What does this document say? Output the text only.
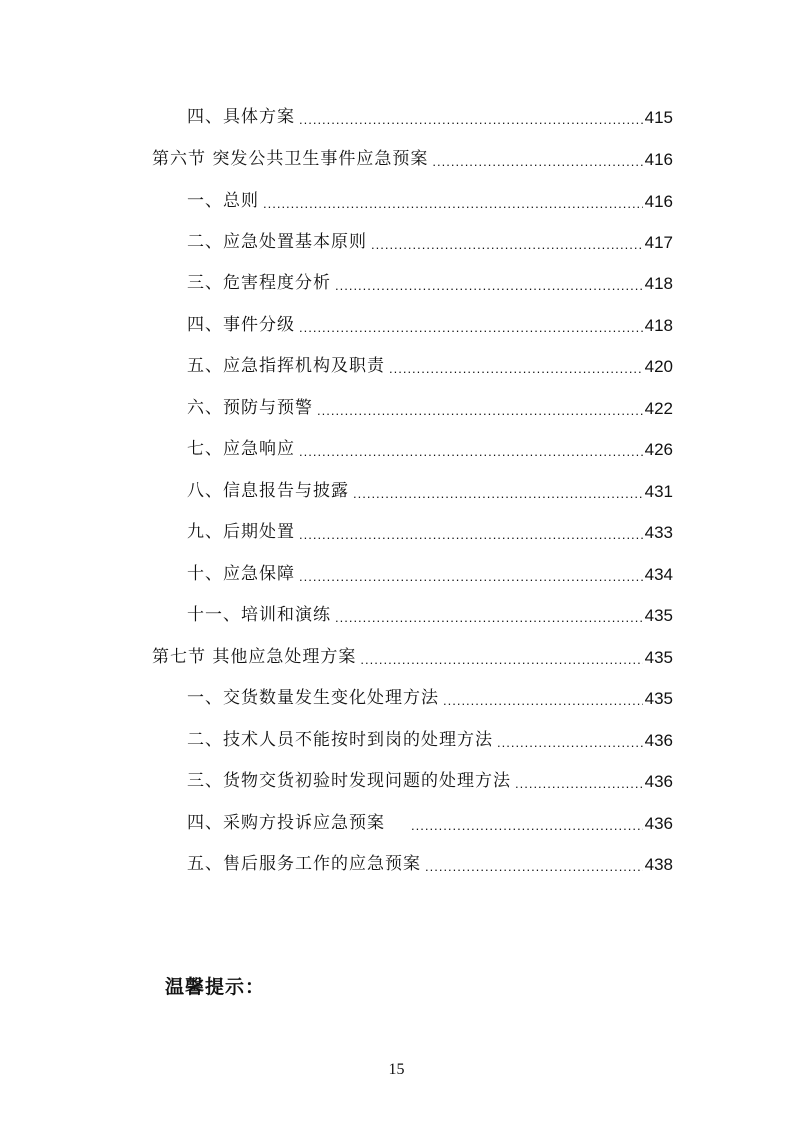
四、具体方案 .....	415
第六节 突发公共卫生事件应急预案 .....	416
一、总则 .....	416
二、应急处置基本原则 .....	417
三、危害程度分析 .....	418
四、事件分级 .....	418
五、应急指挥机构及职责 .....	420
六、预防与预警 .....	422
七、应急响应 .....	426
八、信息报告与披露 .....	431
九、后期处置 .....	433
十、应急保障 .....	434
十一、培训和演练 .....	435
第七节 其他应急处理方案 .....	435
一、交货数量发生变化处理方法 .....	435
二、技术人员不能按时到岗的处理方法 .....	436
三、货物交货初验时发现问题的处理方法 .....	436
四、采购方投诉应急预案 .....	436
五、售后服务工作的应急预案 .....	438
温馨提示：
15
